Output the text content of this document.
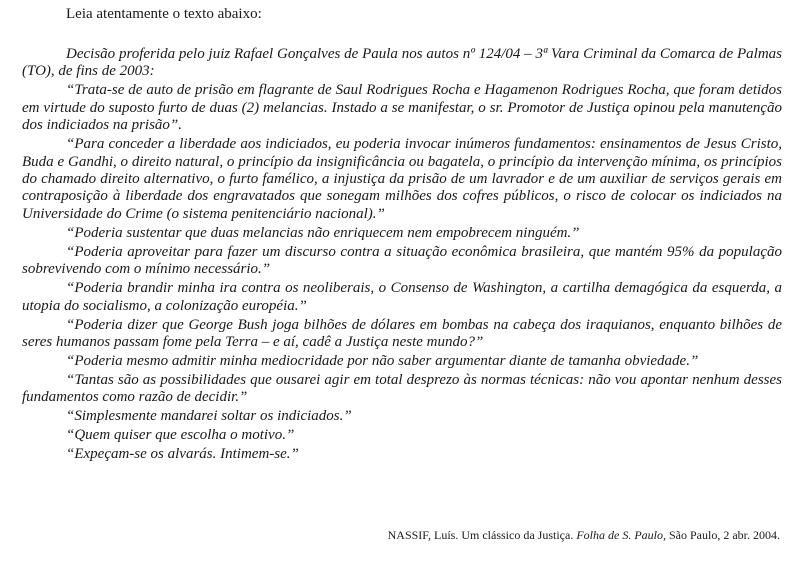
Leia atentamente o texto abaixo:

Decisão proferida pelo juiz Rafael Gonçalves de Paula nos autos nº 124/04 – 3ª Vara Criminal da Comarca de Palmas (TO), de fins de 2003:

“Trata-se de auto de prisão em flagrante de Saul Rodrigues Rocha e Hagamenon Rodrigues Rocha, que foram detidos em virtude do suposto furto de duas (2) melancias. Instado a se manifestar, o sr. Promotor de Justiça opinou pela manutenção dos indiciados na prisão”.

“Para conceder a liberdade aos indiciados, eu poderia invocar inúmeros fundamentos: ensinamentos de Jesus Cristo, Buda e Gandhi, o direito natural, o princípio da insignificância ou bagatela, o princípio da intervenção mínima, os princípios do chamado direito alternativo, o furto famélico, a injustiça da prisão de um lavrador e de um auxiliar de serviços gerais em contraposição à liberdade dos engravatados que sonegam milhões dos cofres públicos, o risco de colocar os indiciados na Universidade do Crime (o sistema penitenciário nacional).”

“Poderia sustentar que duas melancias não enriquecem nem empobrecem ninguém.”

“Poderia aproveitar para fazer um discurso contra a situação econômica brasileira, que mantém 95% da população sobrevivendo com o mínimo necessário.”

“Poderia brandir minha ira contra os neoliberais, o Consenso de Washington, a cartilha demagógica da esquerda, a utopia do socialismo, a colonização européia.”

“Poderia dizer que George Bush joga bilhões de dólares em bombas na cabeça dos iraquianos, enquanto bilhões de seres humanos passam fome pela Terra – e aí, cadê a Justiça neste mundo?”

“Poderia mesmo admitir minha mediocridade por não saber argumentar diante de tamanha obviedade.”

“Tantas são as possibilidades que ousarei agir em total desprezo às normas técnicas: não vou apontar nenhum desses fundamentos como razão de decidir.”

“Simplesmente mandarei soltar os indiciados.”

“Quem quiser que escolha o motivo.”

“Expeçam-se os alvarás. Intimem-se.”

NASSIF, Luís. Um clássico da Justiça. Folha de S. Paulo, São Paulo, 2 abr. 2004.
